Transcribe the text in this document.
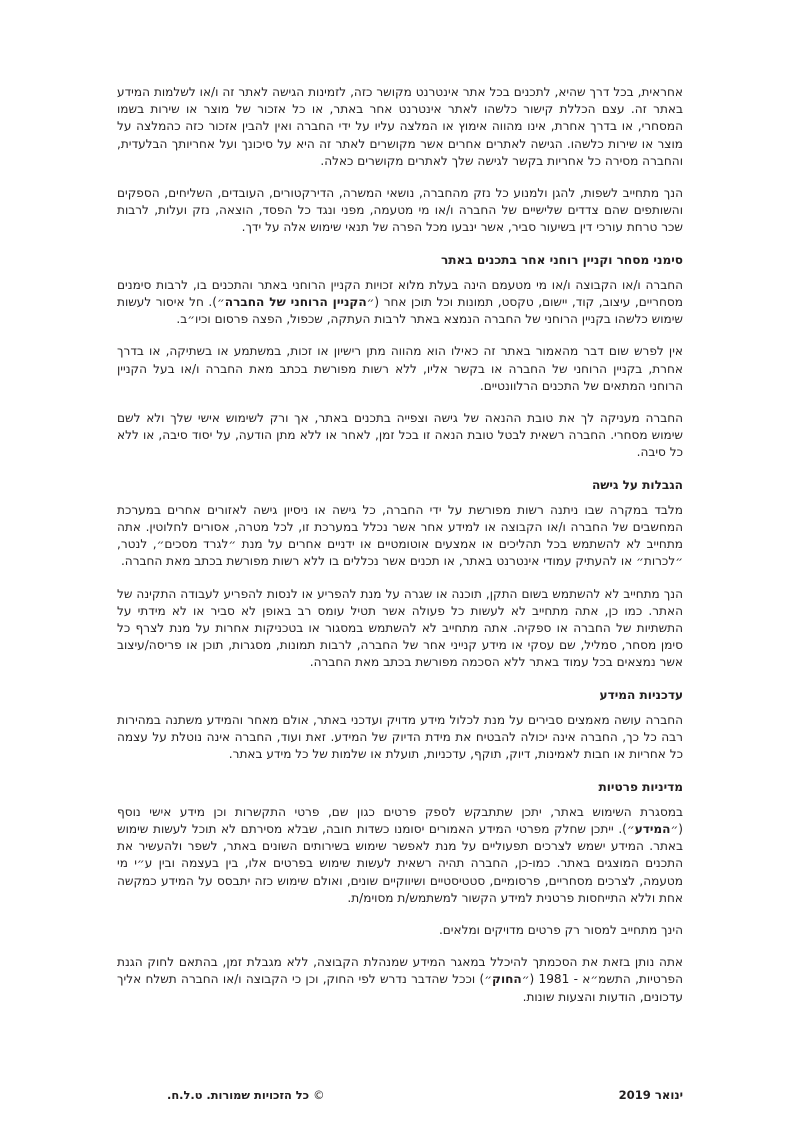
אחראית, בכל דרך שהיא, לתכנים בכל אתר אינטרנט מקושר כזה, לזמינות הגישה לאתר זה ו/או לשלמות המידע באתר זה. עצם הכללת קישור כלשהו לאתר אינטרנט אחר באתר, או כל אזכור של מוצר או שירות בשמו המסחרי, או בדרך אחרת, אינו מהווה אימוץ או המלצה עליו על ידי החברה ואין להבין אזכור כזה כהמלצה על מוצר או שירות כלשהו. הגישה לאתרים אחרים אשר מקושרים לאתר זה היא על סיכונך ועל אחריותך הבלעדית, והחברה מסירה כל אחריות בקשר לגישה שלך לאתרים מקושרים כאלה.

הנך מתחייב לשפות, להגן ולמנוע כל נזק מהחברה, נושאי המשרה, הדירקטורים, העובדים, השליחים, הספקים והשותפים שהם צדדים שלישיים של החברה ו/או מי מטעמה, מפני ונגד כל הפסד, הוצאה, נזק ועלות, לרבות שכר טרחת עורכי דין בשיעור סביר, אשר ינבעו מכל הפרה של תנאי שימוש אלה על ידך.

סימני מסחר וקניין רוחני אחר בתכנים באתר

החברה ו/או הקבוצה ו/או מי מטעמם הינה בעלת מלוא זכויות הקניין הרוחני באתר והתכנים בו, לרבות סימנים מסחריים, עיצוב, קוד, יישום, טקסט, תמונות וכל תוכן אחר (״הקניין הרוחני של החברה״). חל איסור לעשות שימוש כלשהו בקניין הרוחני של החברה הנמצא באתר לרבות העתקה, שכפול, הפצה פרסום וכיו״ב.

אין לפרש שום דבר מהאמור באתר זה כאילו הוא מהווה מתן רישיון או זכות, במשתמע או בשתיקה, או בדרך אחרת, בקניין הרוחני של החברה או בקשר אליו, ללא רשות מפורשת בכתב מאת החברה ו/או בעל הקניין הרוחני המתאים של התכנים הרלוונטיים.

החברה מעניקה לך את טובת ההנאה של גישה וצפייה בתכנים באתר, אך ורק לשימוש אישי שלך ולא לשם שימוש מסחרי. החברה רשאית לבטל טובת הנאה זו בכל זמן, לאחר או ללא מתן הודעה, על יסוד סיבה, או ללא כל סיבה.

הגבלות על גישה

מלבד במקרה שבו ניתנה רשות מפורשת על ידי החברה, כל גישה או ניסיון גישה לאזורים אחרים במערכת המחשבים של החברה ו/או הקבוצה או למידע אחר אשר נכלל במערכת זו, לכל מטרה, אסורים לחלוטין. אתה מתחייב לא להשתמש בכל תהליכים או אמצעים אוטומטיים או ידניים אחרים על מנת ״לגרד מסכים״, לנטר, ״לכרות״ או להעתיק עמודי אינטרנט באתר, או תכנים אשר נכללים בו ללא רשות מפורשת בכתב מאת החברה.

הנך מתחייב לא להשתמש בשום התקן, תוכנה או שגרה על מנת להפריע או לנסות להפריע לעבודה התקינה של האתר. כמו כן, אתה מתחייב לא לעשות כל פעולה אשר תטיל עומס רב באופן לא סביר או לא מידתי על התשתיות של החברה או ספקיה. אתה מתחייב לא להשתמש במסגור או בטכניקות אחרות על מנת לצרף כל סימן מסחר, סמליל, שם עסקי או מידע קנייני אחר של החברה, לרבות תמונות, מסגרות, תוכן או פריסה/עיצוב אשר נמצאים בכל עמוד באתר ללא הסכמה מפורשת בכתב מאת החברה.

עדכניות המידע

החברה עושה מאמצים סבירים על מנת לכלול מידע מדויק ועדכני באתר, אולם מאחר והמידע משתנה במהירות רבה כל כך, החברה אינה יכולה להבטיח את מידת הדיוק של המידע. זאת ועוד, החברה אינה נוטלת על עצמה כל אחריות או חבות לאמינות, דיוק, תוקף, עדכניות, תועלת או שלמות של כל מידע באתר.

מדיניות פרטיות

במסגרת השימוש באתר, יתכן שתתבקש לספק פרטים כגון שם, פרטי התקשרות וכן מידע אישי נוסף (״המידע״). ייתכן שחלק מפרטי המידע האמורים יסומנו כשדות חובה, שבלא מסירתם לא תוכל לעשות שימוש באתר. המידע ישמש לצרכים תפעוליים על מנת לאפשר שימוש בשירותים השונים באתר, לשפר ולהעשיר את התכנים המוצגים באתר. כמו-כן, החברה תהיה רשאית לעשות שימוש בפרטים אלו, בין בעצמה ובין ע״י מי מטעמה, לצרכים מסחריים, פרסומיים, סטטיסטיים ושיווקיים שונים, ואולם שימוש כזה יתבסס על המידע כמקשה אחת וללא התייחסות פרטנית למידע הקשור למשתמש/ת מסוימ/ת.

הינך מתחייב למסור רק פרטים מדויקים ומלאים.

אתה נותן בזאת את הסכמתך להיכלל במאגר המידע שמנהלת הקבוצה, ללא מגבלת זמן, בהתאם לחוק הגנת הפרטיות, התשמ״א - 1981 (״החוק״) וככל שהדבר נדרש לפי החוק, וכן כי הקבוצה ו/או החברה תשלח אליך עדכונים, הודעות והצעות שונות.

ינואר 2019
© כל הזכויות שמורות. ט.ל.ח.
